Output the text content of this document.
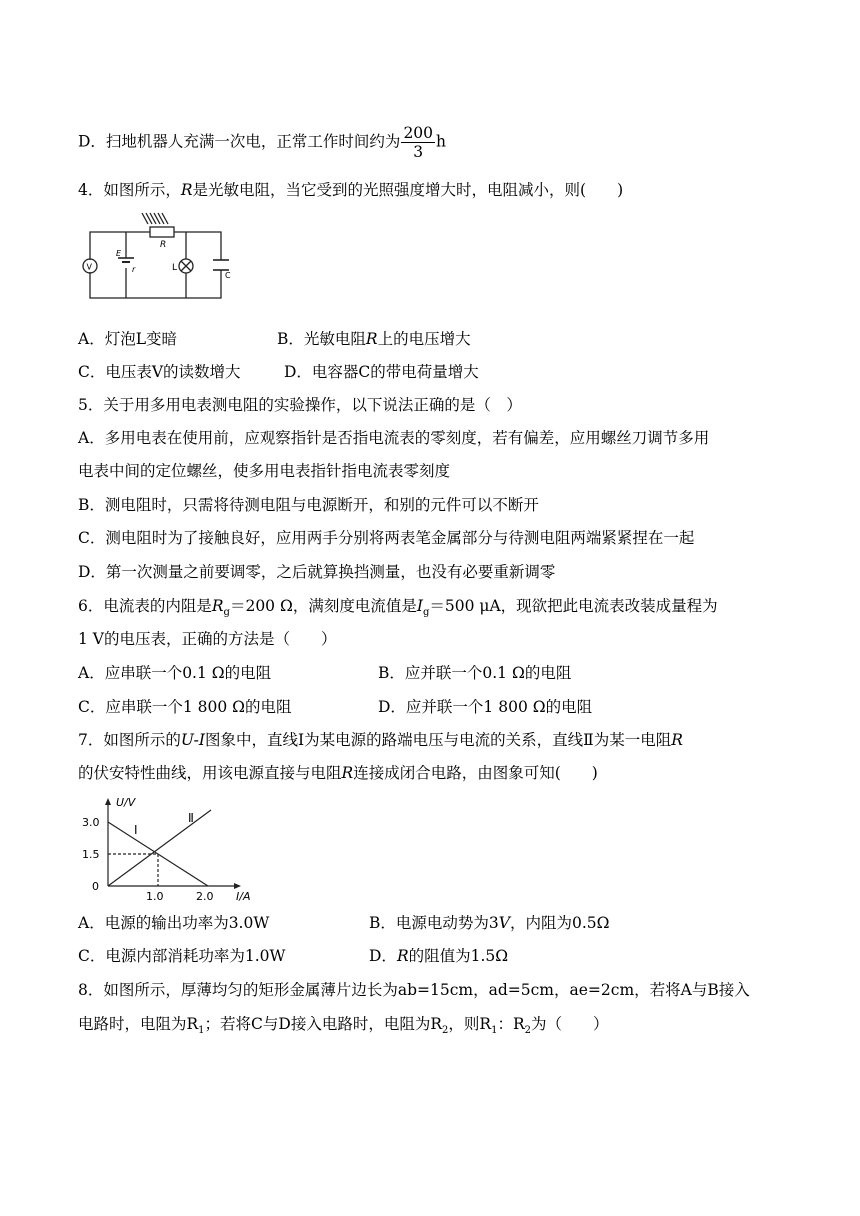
D．扫地机器人充满一次电，正常工作时间约为 $\frac{200}{3}$ h
4．如图所示，R是光敏电阻，当它受到的光照强度增大时，电阻减小，则(　　)
R
E
r	L
C
V
A．灯泡L变暗	B．光敏电阻R上的电压增大
C．电压表V的读数增大	D．电容器C的带电荷量增大
5．关于用多用电表测电阻的实验操作，以下说法正确的是（　）
A．多用电表在使用前，应观察指针是否指电流表的零刻度，若有偏差，应用螺丝刀调节多用
电表中间的定位螺丝，使多用电表指针指电流表零刻度
B．测电阻时，只需将待测电阻与电源断开，和别的元件可以不断开
C．测电阻时为了接触良好，应用两手分别将两表笔金属部分与待测电阻两端紧紧捏在一起
D．第一次测量之前要调零，之后就算换挡测量，也没有必要重新调零
6．电流表的内阻是$R_g=200$ Ω，满刻度电流值是$I_g=500$ μA，现欲把此电流表改装成量程为
1 V的电压表，正确的方法是（　　）
A．应串联一个0.1 Ω的电阻	B．应并联一个0.1 Ω的电阻
C．应串联一个1 800 Ω的电阻	D．应并联一个1 800 Ω的电阻
7．如图所示的U-I图象中，直线Ⅰ为某电源的路端电压与电流的关系，直线Ⅱ为某一电阻R
的伏安特性曲线，用该电源直接与电阻R连接成闭合电路，由图象可知(　　)
U/V
I/A
3.0
1.5
0
1.0	2.0
Ⅰ
Ⅱ
A．电源的输出功率为3.0W	B．电源电动势为3V，内阻为0.5Ω
C．电源内部消耗功率为1.0W	D．R的阻值为1.5Ω
8．如图所示，厚薄均匀的矩形金属薄片边长为ab=15cm，ad=5cm，ae=2cm，若将A与B接入
电路时，电阻为$R_1$；若将C与D接入电路时，电阻为$R_2$，则$R_1$：$R_2$为（　　）
